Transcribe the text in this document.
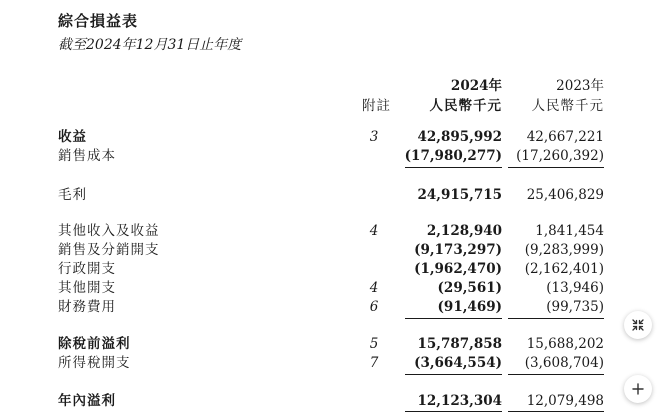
綜合損益表
截至2024年12月31日止年度
2024年	2023年
附註	人民幣千元 人民幣千元
收益	3	42,895,992 42,667,221
銷售成本	(17,980,277) (17,260,392)
毛利	24,915,715 25,406,829
其他收入及收益	4	2,128,940 1,841,454
銷售及分銷開支	(9,173,297) (9,283,999)
行政開支	(1,962,470) (2,162,401)
其他開支	4	(29,561)	(13,946)
財務費用	6	(91,469)	(99,735)
除稅前溢利	5	15,787,858 15,688,202
所得稅開支	7	(3,664,554) (3,608,704)
年內溢利	12,123,304 12,079,498
